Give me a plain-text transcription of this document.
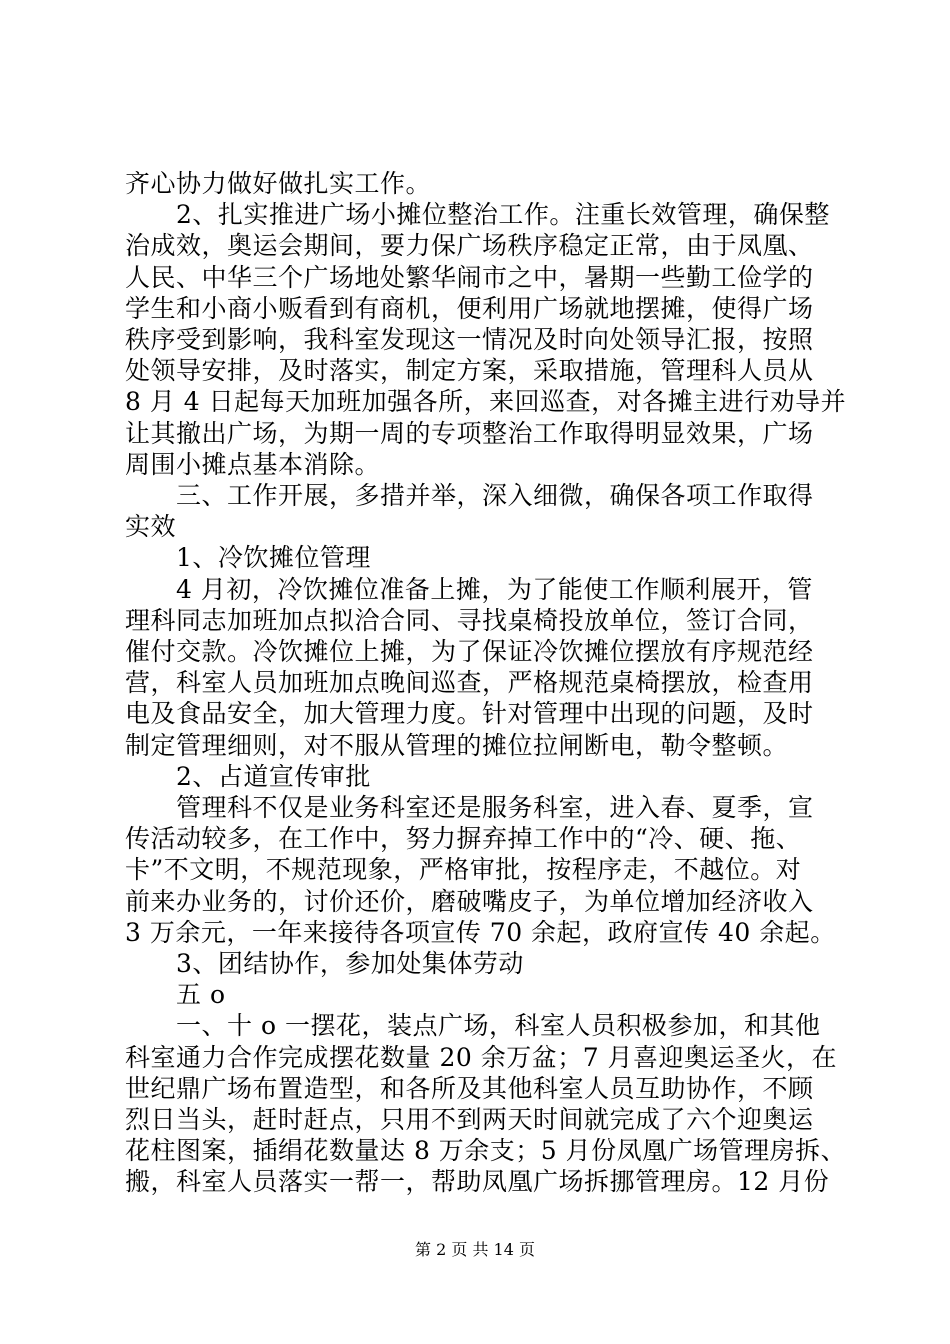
齐心协力做好做扎实工作。
2、扎实推进广场小摊位整治工作。注重长效管理，确保整
治成效，奥运会期间，要力保广场秩序稳定正常，由于凤凰、
人民、中华三个广场地处繁华闹市之中，暑期一些勤工俭学的
学生和小商小贩看到有商机，便利用广场就地摆摊，使得广场
秩序受到影响，我科室发现这一情况及时向处领导汇报，按照
处领导安排，及时落实，制定方案，采取措施，管理科人员从
8 月 4 日起每天加班加强各所，来回巡查，对各摊主进行劝导并
让其撤出广场，为期一周的专项整治工作取得明显效果，广场
周围小摊点基本消除。
三、工作开展，多措并举，深入细微，确保各项工作取得
实效
1、冷饮摊位管理
4 月初，冷饮摊位准备上摊，为了能使工作顺利展开，管
理科同志加班加点拟洽合同、寻找桌椅投放单位，签订合同，
催付交款。冷饮摊位上摊，为了保证冷饮摊位摆放有序规范经
营，科室人员加班加点晚间巡查，严格规范桌椅摆放，检查用
电及食品安全，加大管理力度。针对管理中出现的问题，及时
制定管理细则，对不服从管理的摊位拉闸断电，勒令整顿。
2、占道宣传审批
管理科不仅是业务科室还是服务科室，进入春、夏季，宣
传活动较多，在工作中，努力摒弃掉工作中的“冷、硬、拖、
卡”不文明，不规范现象，严格审批，按程序走，不越位。对
前来办业务的，讨价还价，磨破嘴皮子，为单位增加经济收入
3 万余元，一年来接待各项宣传 70 余起，政府宣传 40 余起。
3、团结协作，参加处集体劳动
五 o
一、十 o 一摆花，装点广场，科室人员积极参加，和其他
科室通力合作完成摆花数量 20 余万盆；7 月喜迎奥运圣火，在
世纪鼎广场布置造型，和各所及其他科室人员互助协作，不顾
烈日当头，赶时赶点，只用不到两天时间就完成了六个迎奥运
花柱图案，插绢花数量达 8 万余支；5 月份凤凰广场管理房拆、
搬，科室人员落实一帮一，帮助凤凰广场拆挪管理房。12 月份
第 2 页 共 14 页
